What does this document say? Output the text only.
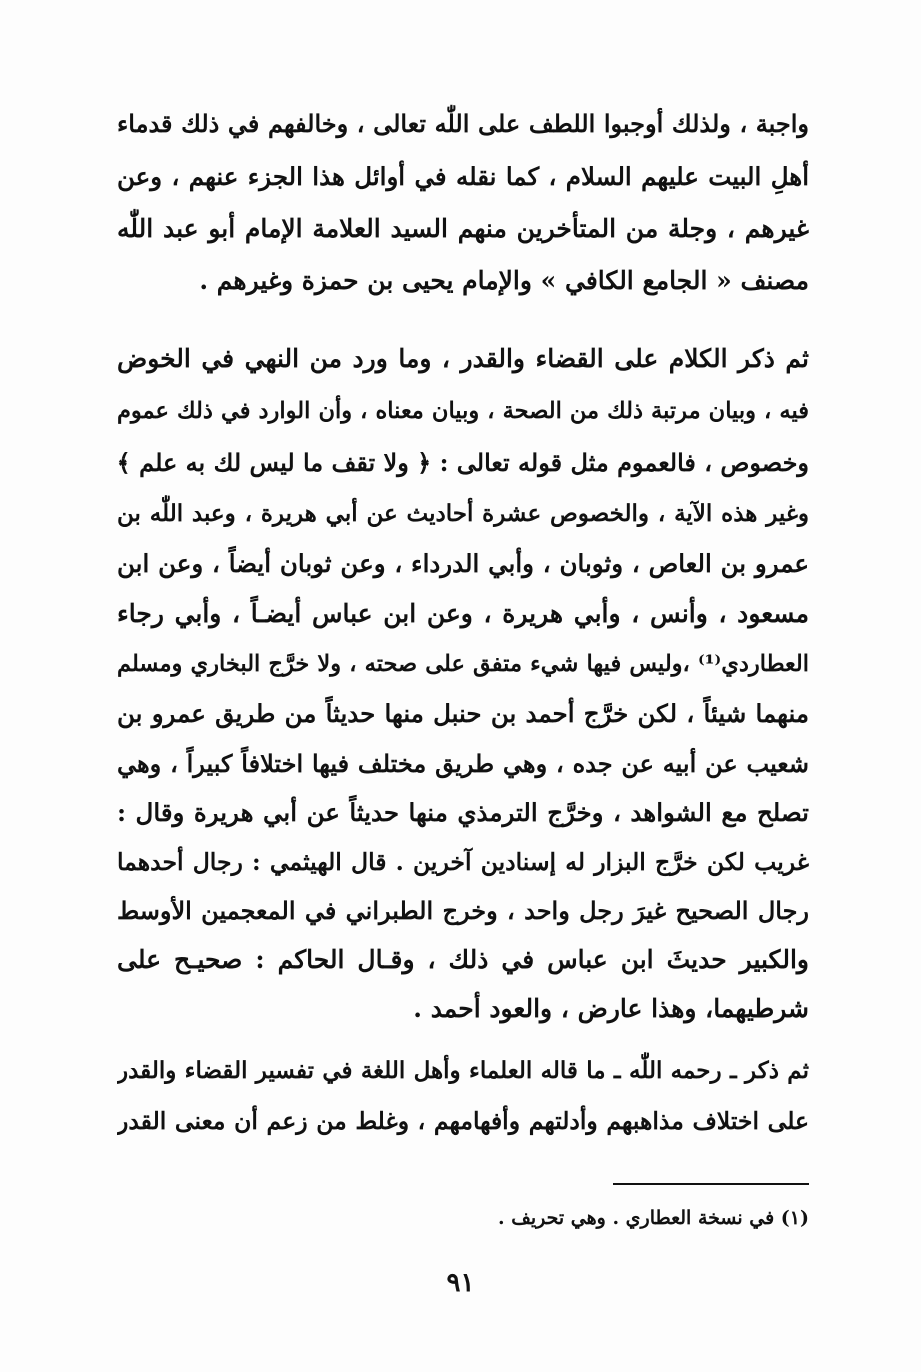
واجبة ، ولذلك أوجبوا اللطف على اللّٰه تعالى ، وخالفهم في ذلك قدماء
أهلِ البيت عليهم السلام ، كما نقله في أوائل هذا الجزء عنهم ، وعن
غيرهم ، وجلة من المتأخرين منهم السيد العلامة الإمام أبو عبد اللّٰه
مصنف « الجامع الكافي » والإمام يحيى بن حمزة وغيرهم .
ثم ذكر الكلام على القضاء والقدر ، وما ورد من النهي في الخوض
فيه ، وبيان مرتبة ذلك من الصحة ، وبيان معناه ، وأن الوارد في ذلك عموم
وخصوص ، فالعموم مثل قوله تعالى : ﴿ ولا تقف ما ليس لك به علم ﴾
وغير هذه الآية ، والخصوص عشرة أحاديث عن أبي هريرة ، وعبد اللّٰه بن
عمرو بن العاص ، وثوبان ، وأبي الدرداء ، وعن ثوبان أيضاً ، وعن ابن
مسعود ، وأنس ، وأبي هريرة ، وعن ابن عباس أيضـاً ، وأبي رجاء
العطاردي⁽¹⁾ ،وليس فيها شيء متفق على صحته ، ولا خرَّج البخاري ومسلم
منهما شيئاً ، لكن خرَّج أحمد بن حنبل منها حديثاً من طريق عمرو بن
شعيب عن أبيه عن جده ، وهي طريق مختلف فيها اختلافاً كبيراً ، وهي
تصلح مع الشواهد ، وخرَّج الترمذي منها حديثاً عن أبي هريرة وقال :
غريب لكن خرَّج البزار له إسنادين آخرين . قال الهيثمي : رجال أحدهما
رجال الصحيح غيرَ رجل واحد ، وخرج الطبراني في المعجمين الأوسط
والكبير حديثَ ابن عباس في ذلك ، وقـال الحاكم : صحيـح على
شرطيهما، وهذا عارض ، والعود أحمد .
ثم ذكر ـ رحمه اللّٰه ـ ما قاله العلماء وأهل اللغة في تفسير القضاء والقدر
على اختلاف مذاهبهم وأدلتهم وأفهامهم ، وغلط من زعم أن معنى القدر
(١) في نسخة العطاري . وهي تحريف .
٩١
